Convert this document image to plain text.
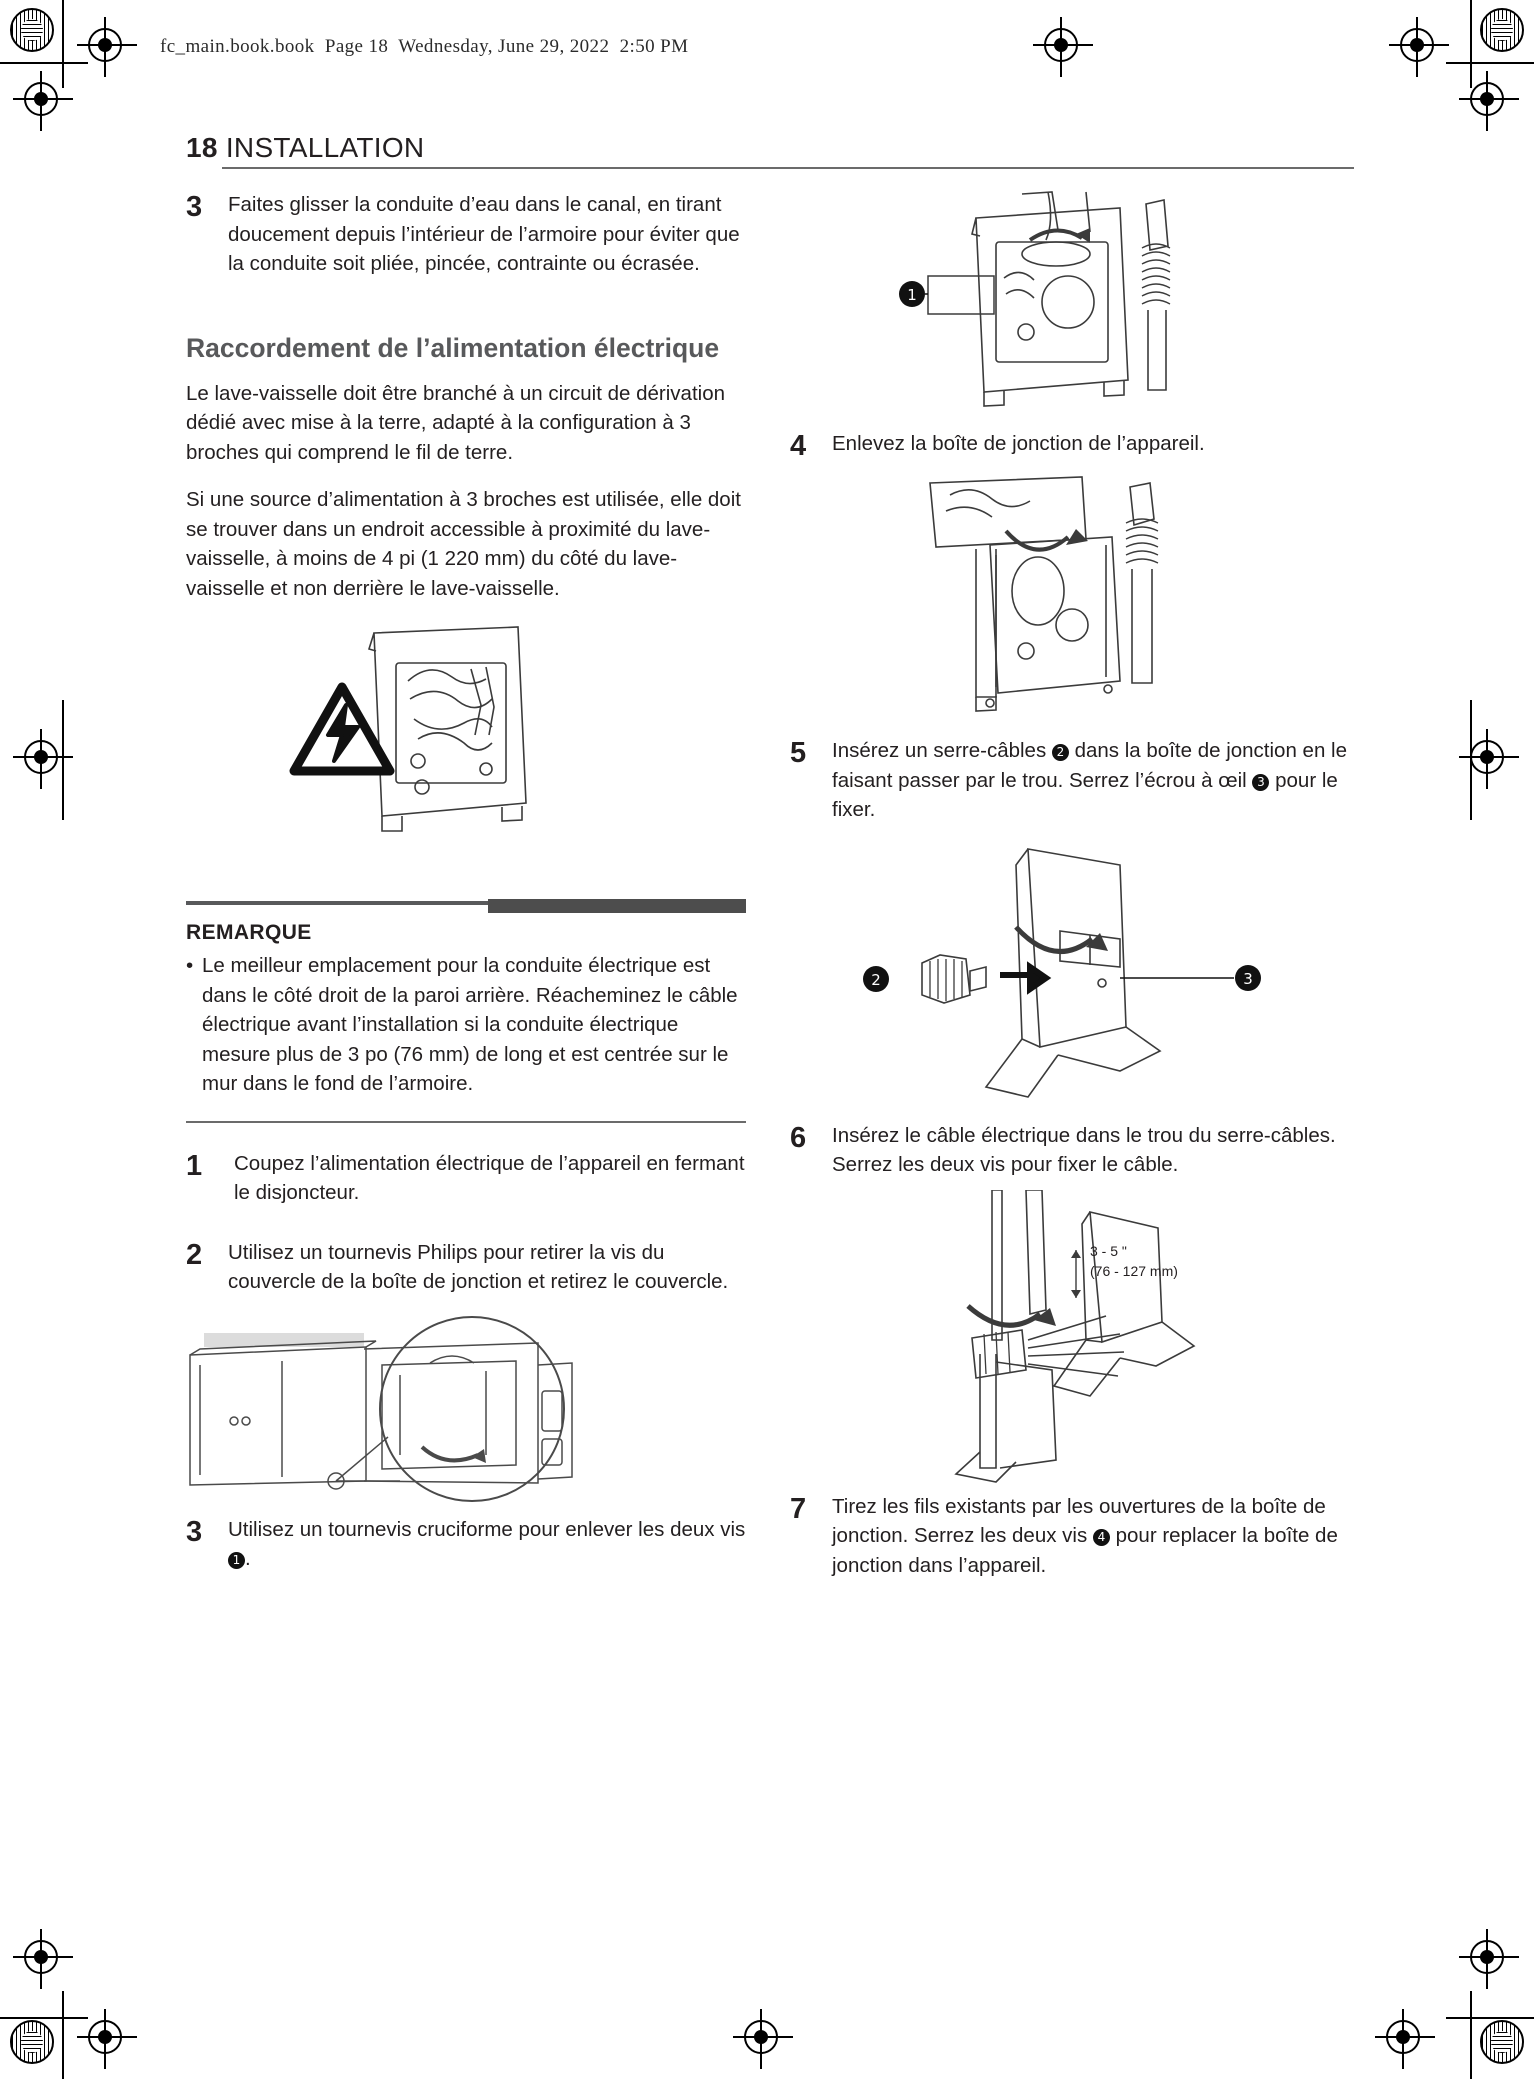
fc_main.book.book  Page 18  Wednesday, June 29, 2022  2:50 PM
18 INSTALLATION
3	Faites glisser la conduite d’eau dans le canal, en tirant doucement depuis l’intérieur de l’armoire pour éviter que la conduite soit pliée, pincée, contrainte ou écrasée.
Raccordement de l’alimentation électrique

Le lave-vaisselle doit être branché à un circuit de dérivation dédié avec mise à la terre, adapté à la configuration à 3 broches qui comprend le fil de terre.

Si une source d’alimentation à 3 broches est utilisée, elle doit se trouver dans un endroit accessible à proximité du lave-vaisselle, à moins de 4 pi (1 220 mm) du côté du lave-vaisselle et non derrière le lave-vaisselle.

REMARQUE
• Le meilleur emplacement pour la conduite électrique est dans le côté droit de la paroi arrière. Réacheminez le câble électrique avant l’installation si la conduite électrique mesure plus de 3 po (76 mm) de long et est centrée sur le mur dans le fond de l’armoire.
1	Coupez l’alimentation électrique de l’appareil en fermant le disjoncteur.
2	Utilisez un tournevis Philips pour retirer la vis du couvercle de la boîte de jonction et retirez le couvercle.
3	Utilisez un tournevis cruciforme pour enlever les deux vis 1 .
1
4	Enlevez la boîte de jonction de l’appareil.
5	Insérez un serre-câbles 2 dans la boîte de jonction en le faisant passer par le trou. Serrez l’écrou à œil 3 pour le fixer.
2	3
6	Insérez le câble électrique dans le trou du serre-câbles. Serrez les deux vis pour fixer le câble.
3 - 5 "
(76 - 127 mm)
7	Tirez les fils existants par les ouvertures de la boîte de jonction. Serrez les deux vis 4 pour replacer la boîte de jonction dans l’appareil.
